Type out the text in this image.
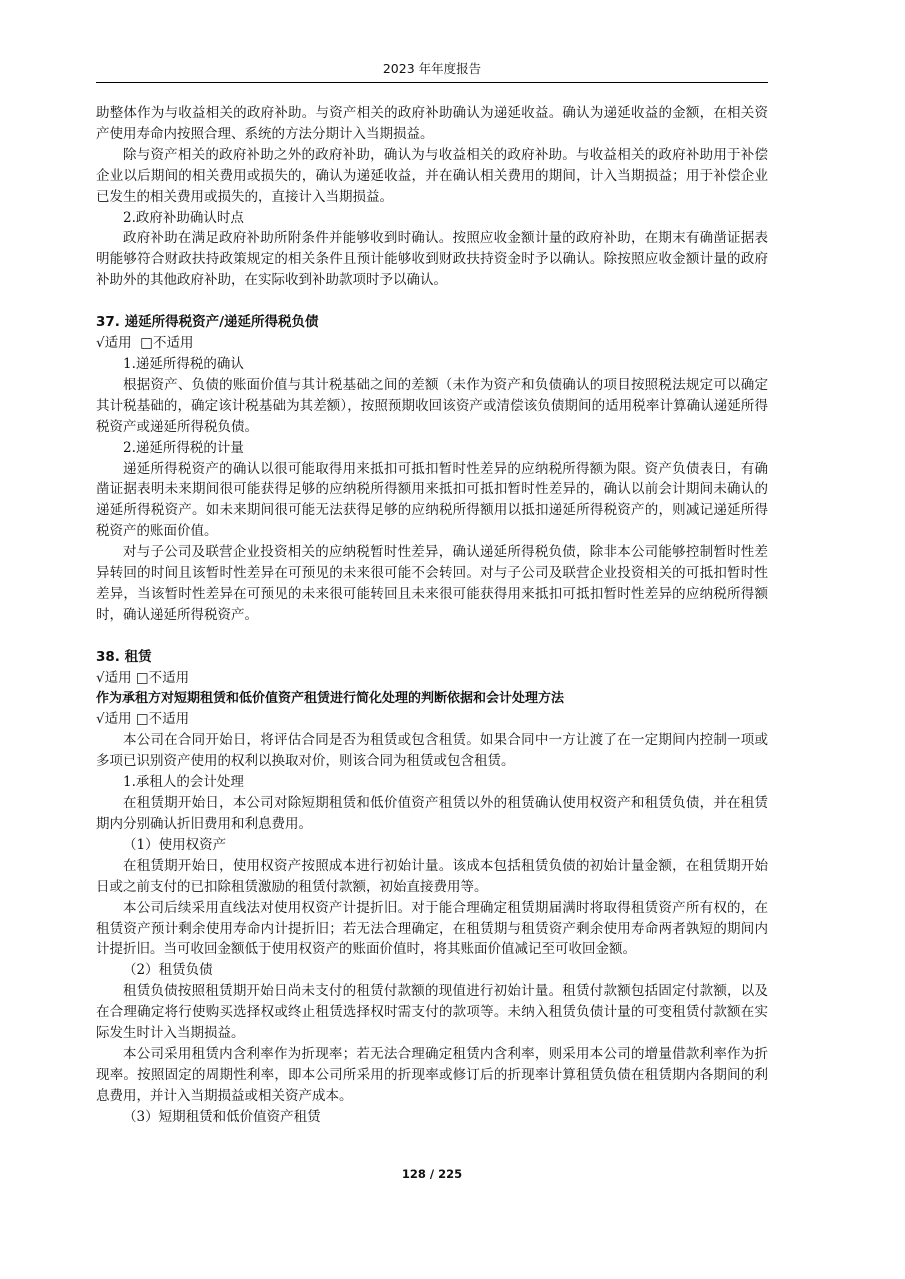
2023 年年度报告

助整体作为与收益相关的政府补助。与资产相关的政府补助确认为递延收益。确认为递延收益的金额，在相关资产使用寿命内按照合理、系统的方法分期计入当期损益。

除与资产相关的政府补助之外的政府补助，确认为与收益相关的政府补助。与收益相关的政府补助用于补偿企业以后期间的相关费用或损失的，确认为递延收益，并在确认相关费用的期间，计入当期损益；用于补偿企业已发生的相关费用或损失的，直接计入当期损益。

2.政府补助确认时点

政府补助在满足政府补助所附条件并能够收到时确认。按照应收金额计量的政府补助，在期末有确凿证据表明能够符合财政扶持政策规定的相关条件且预计能够收到财政扶持资金时予以确认。除按照应收金额计量的政府补助外的其他政府补助，在实际收到补助款项时予以确认。

37. 递延所得税资产/递延所得税负债

√适用  □不适用

1.递延所得税的确认

根据资产、负债的账面价值与其计税基础之间的差额（未作为资产和负债确认的项目按照税法规定可以确定其计税基础的，确定该计税基础为其差额），按照预期收回该资产或清偿该负债期间的适用税率计算确认递延所得税资产或递延所得税负债。

2.递延所得税的计量

递延所得税资产的确认以很可能取得用来抵扣可抵扣暂时性差异的应纳税所得额为限。资产负债表日，有确凿证据表明未来期间很可能获得足够的应纳税所得额用来抵扣可抵扣暂时性差异的，确认以前会计期间未确认的递延所得税资产。如未来期间很可能无法获得足够的应纳税所得额用以抵扣递延所得税资产的，则减记递延所得税资产的账面价值。

对与子公司及联营企业投资相关的应纳税暂时性差异，确认递延所得税负债，除非本公司能够控制暂时性差异转回的时间且该暂时性差异在可预见的未来很可能不会转回。对与子公司及联营企业投资相关的可抵扣暂时性差异，当该暂时性差异在可预见的未来很可能转回且未来很可能获得用来抵扣可抵扣暂时性差异的应纳税所得额时，确认递延所得税资产。

38. 租赁

√适用 □不适用

作为承租方对短期租赁和低价值资产租赁进行简化处理的判断依据和会计处理方法

√适用 □不适用

本公司在合同开始日，将评估合同是否为租赁或包含租赁。如果合同中一方让渡了在一定期间内控制一项或多项已识别资产使用的权利以换取对价，则该合同为租赁或包含租赁。

1.承租人的会计处理

在租赁期开始日，本公司对除短期租赁和低价值资产租赁以外的租赁确认使用权资产和租赁负债，并在租赁期内分别确认折旧费用和利息费用。

（1）使用权资产

在租赁期开始日，使用权资产按照成本进行初始计量。该成本包括租赁负债的初始计量金额，在租赁期开始日或之前支付的已扣除租赁激励的租赁付款额，初始直接费用等。

本公司后续采用直线法对使用权资产计提折旧。对于能合理确定租赁期届满时将取得租赁资产所有权的，在租赁资产预计剩余使用寿命内计提折旧；若无法合理确定，在租赁期与租赁资产剩余使用寿命两者孰短的期间内计提折旧。当可收回金额低于使用权资产的账面价值时，将其账面价值减记至可收回金额。

（2）租赁负债

租赁负债按照租赁期开始日尚未支付的租赁付款额的现值进行初始计量。租赁付款额包括固定付款额，以及在合理确定将行使购买选择权或终止租赁选择权时需支付的款项等。未纳入租赁负债计量的可变租赁付款额在实际发生时计入当期损益。

本公司采用租赁内含利率作为折现率；若无法合理确定租赁内含利率，则采用本公司的增量借款利率作为折现率。按照固定的周期性利率，即本公司所采用的折现率或修订后的折现率计算租赁负债在租赁期内各期间的利息费用，并计入当期损益或相关资产成本。

（3）短期租赁和低价值资产租赁

128 / 225
